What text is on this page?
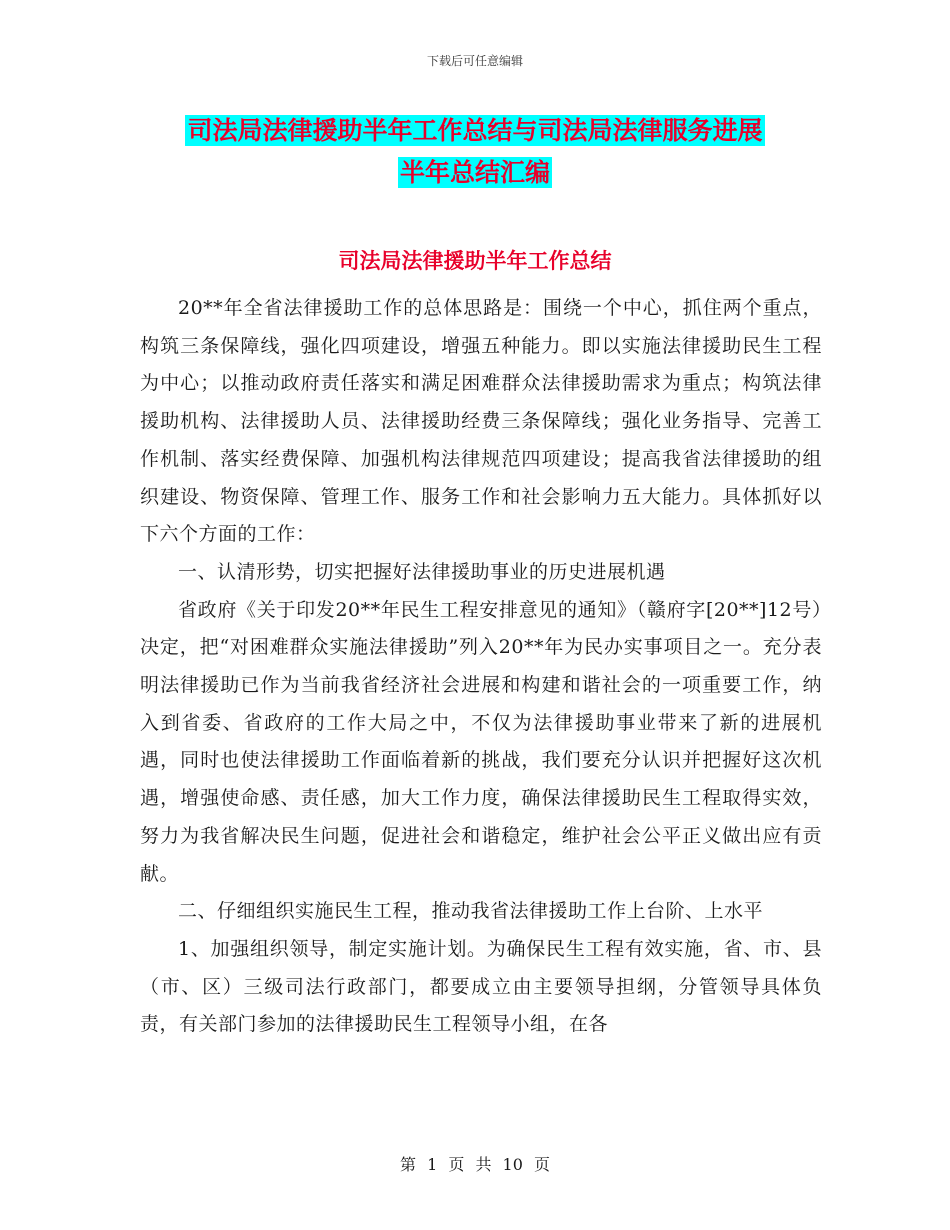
下载后可任意编辑
司法局法律援助半年工作总结与司法局法律服务进展
半年总结汇编
司法局法律援助半年工作总结

20**年全省法律援助工作的总体思路是：围绕一个中心，抓住两个重点，构筑三条保障线，强化四项建设，增强五种能力。即以实施法律援助民生工程为中心；以推动政府责任落实和满足困难群众法律援助需求为重点；构筑法律援助机构、法律援助人员、法律援助经费三条保障线；强化业务指导、完善工作机制、落实经费保障、加强机构法律规范四项建设；提高我省法律援助的组织建设、物资保障、管理工作、服务工作和社会影响力五大能力。具体抓好以下六个方面的工作：

一、认清形势，切实把握好法律援助事业的历史进展机遇

省政府《关于印发20**年民生工程安排意见的通知》（赣府字[20**]12号）决定，把“对困难群众实施法律援助”列入20**年为民办实事项目之一。充分表明法律援助已作为当前我省经济社会进展和构建和谐社会的一项重要工作，纳入到省委、省政府的工作大局之中，不仅为法律援助事业带来了新的进展机遇，同时也使法律援助工作面临着新的挑战，我们要充分认识并把握好这次机遇，增强使命感、责任感，加大工作力度，确保法律援助民生工程取得实效，努力为我省解决民生问题，促进社会和谐稳定，维护社会公平正义做出应有贡献。

二、仔细组织实施民生工程，推动我省法律援助工作上台阶、上水平

1、加强组织领导，制定实施计划。为确保民生工程有效实施，省、市、县（市、区）三级司法行政部门，都要成立由主要领导担纲，分管领导具体负责，有关部门参加的法律援助民生工程领导小组，在各

第 1 页 共 10 页
